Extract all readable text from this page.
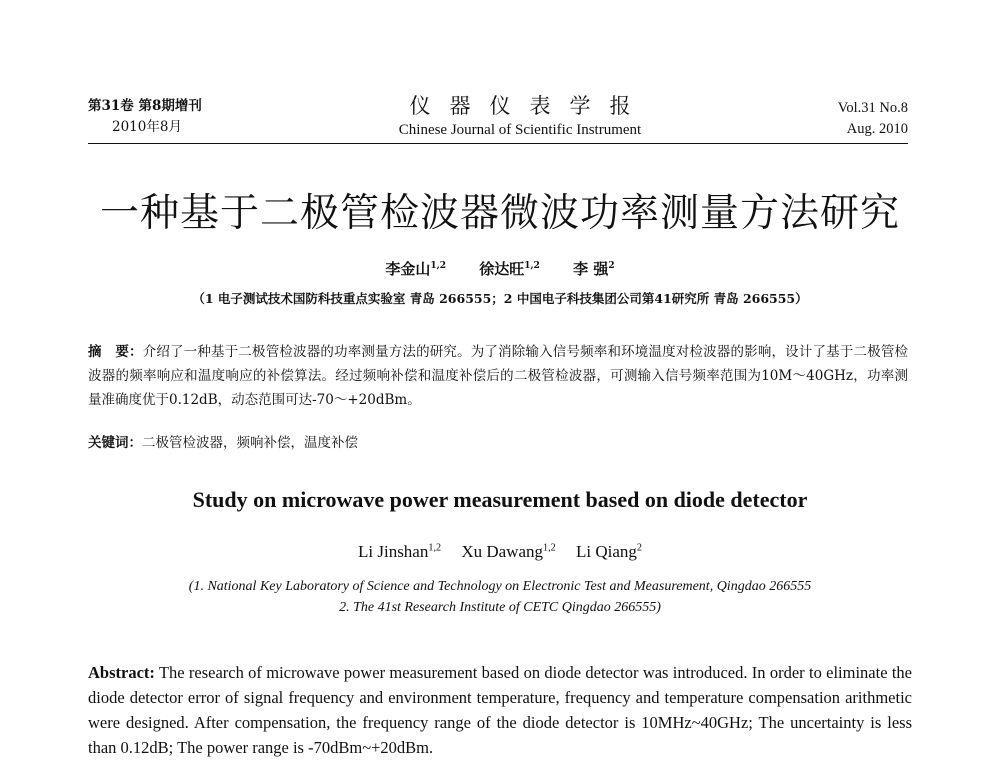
第31卷 第8期增刊
2010年8月
仪器仪表学报
Chinese Journal of Scientific Instrument
Vol.31 No.8
Aug. 2010
一种基于二极管检波器微波功率测量方法研究
李金山$^{1,2}$ 徐达旺$^{1,2}$ 李 强$^2$
（1 电子测试技术国防科技重点实验室 青岛 266555；2 中国电子科技集团公司第41研究所 青岛 266555）
摘　要：介绍了一种基于二极管检波器的功率测量方法的研究。为了消除输入信号频率和环境温度对检波器的影响，设计了基于二极管检波器的频率响应和温度响应的补偿算法。经过频响补偿和温度补偿后的二极管检波器，可测输入信号频率范围为10M～40GHz，功率测量准确度优于0.12dB，动态范围可达-70～+20dBm。
关键词：二极管检波器，频响补偿，温度补偿
Study on microwave power measurement based on diode detector
Li Jinshan$^{1,2}$ Xu Dawang$^{1,2}$ Li Qiang$^2$
(1. National Key Laboratory of Science and Technology on Electronic Test and Measurement, Qingdao 266555
2. The 41st Research Institute of CETC Qingdao 266555)
Abstract: The research of microwave power measurement based on diode detector was introduced. In order to eliminate the diode detector error of signal frequency and environment temperature, frequency and temperature compensation arithmetic were designed. After compensation, the frequency range of the diode detector is 10MHz~40GHz; The uncertainty is less than 0.12dB; The power range is -70dBm~+20dBm.
